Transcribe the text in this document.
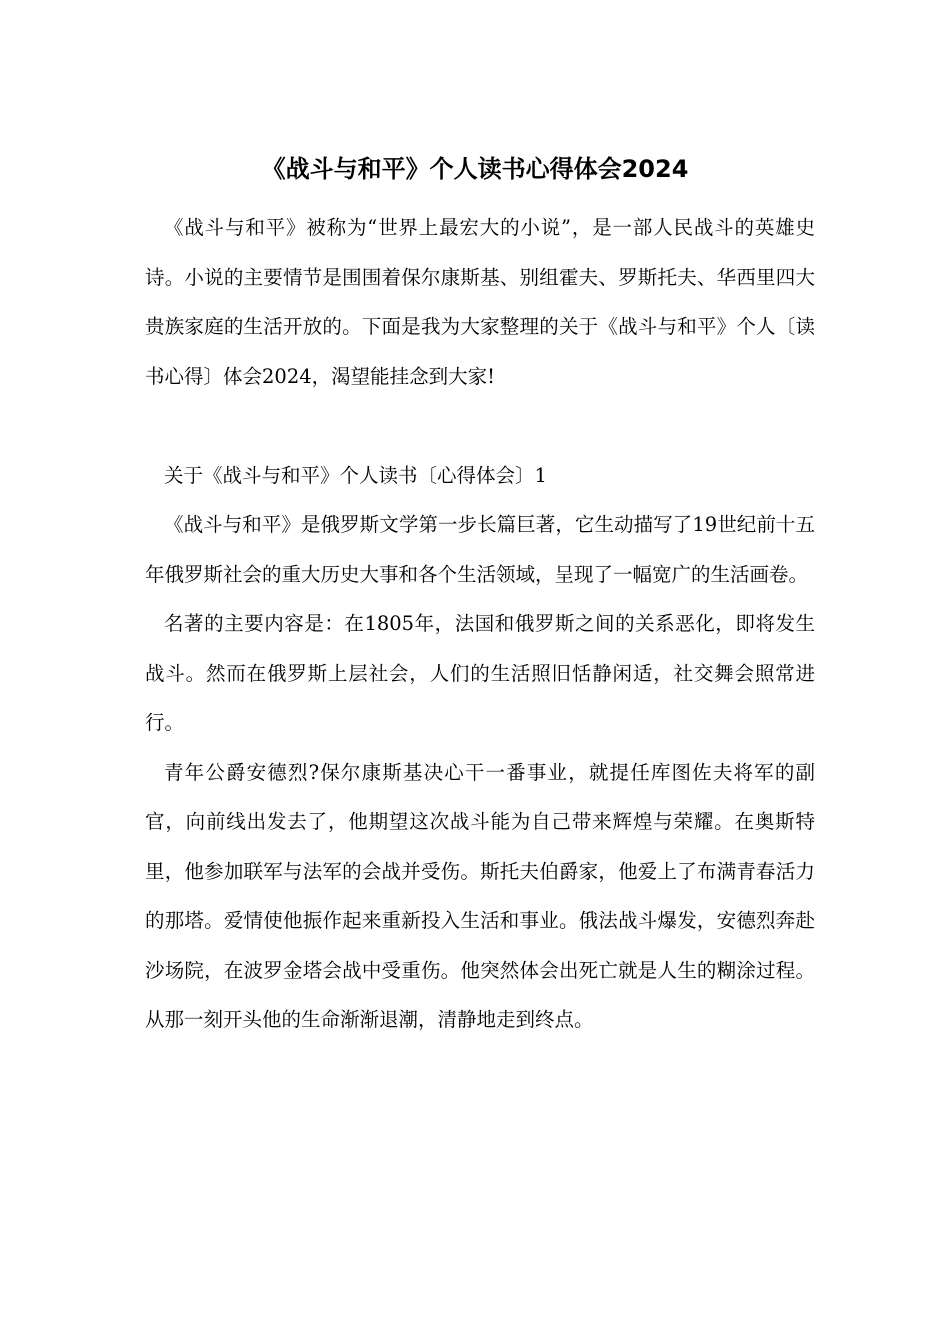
《战斗与和平》个人读书心得体会2024

《战斗与和平》被称为“世界上最宏大的小说”，是一部人民战斗的英雄史诗。小说的主要情节是围围着保尔康斯基、别组霍夫、罗斯托夫、华西里四大贵族家庭的生活开放的。下面是我为大家整理的关于《战斗与和平》个人〔读书心得〕体会2024，渴望能挂念到大家!

关于《战斗与和平》个人读书〔心得体会〕1

《战斗与和平》是俄罗斯文学第一步长篇巨著，它生动描写了19世纪前十五年俄罗斯社会的重大历史大事和各个生活领域，呈现了一幅宽广的生活画卷。

名著的主要内容是：在1805年，法国和俄罗斯之间的关系恶化，即将发生战斗。然而在俄罗斯上层社会，人们的生活照旧恬静闲适，社交舞会照常进行。

青年公爵安德烈?保尔康斯基决心干一番事业，就提任库图佐夫将军的副官，向前线出发去了，他期望这次战斗能为自己带来辉煌与荣耀。在奥斯特里，他参加联军与法军的会战并受伤。斯托夫伯爵家，他爱上了布满青春活力的那塔。爱情使他振作起来重新投入生活和事业。俄法战斗爆发，安德烈奔赴沙场院，在波罗金塔会战中受重伤。他突然体会出死亡就是人生的糊涂过程。从那一刻开头他的生命渐渐退潮，清静地走到终点。
